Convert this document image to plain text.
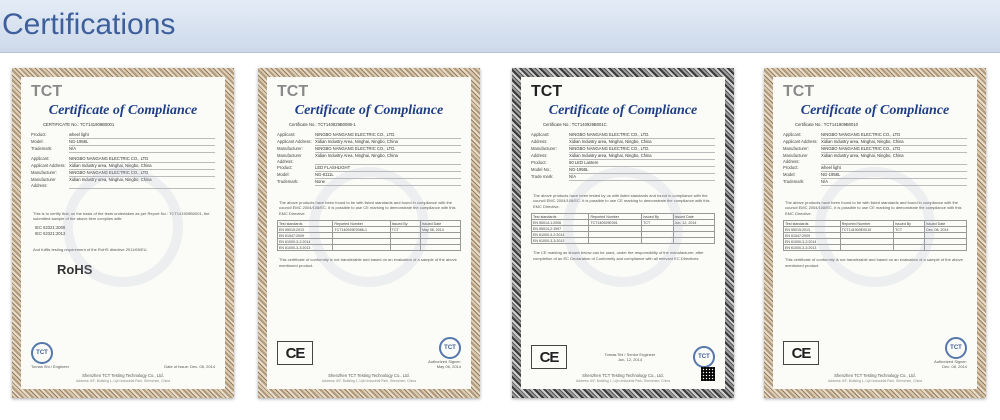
Certifications
TCT
Certificate of Compliance
CERTIFICATE No.: TCT141909B0001
Product:	wheel light
Model:	NG-1958L
Trademark:	N/A
Applicant:	NINGBO NANGANG ELECTRIC CO., LTD
Applicant Address: Xidian Industry area, Ninghai, Ningbo, China
Manufacturer:	NINGBO NANGANG ELECTRIC CO., LTD
Manufacturer Address:
Xidian Industry area, Ninghai, Ningbo, China
This is to certify that, on the basis of the tests undertaken as per Report No.: TCT141909B0001, the submitted sample of the above item complies with:
IEC 62321:2008
IEC 62321:2013
And fulfils testing requirement of the RoHS directive 2011/65/EU
RoHS
TCT
Tomas Shi / Engineer	Date of Issue: Dec. 08, 2014
Shenzhen TCT Testing Technology Co., Ltd.
Address: 6/F, Building 1, Lijin Industrial Park, Shenzhen, China
TCT
Certificate of Compliance
Certificate No.: TCT140929B0086-1
Applicant:	NINGBO NANGANG ELECTRIC CO., LTD.
Applicant Address: Xidian Industry Area, Ninghai, Ningbo, China
Manufacturer:	NINGBO NANGANG ELECTRIC CO., LTD.
Manufacturer Address:
Xidian Industry Area, Ninghai, Ningbo, China
Product:	LED FLASHLIGHT
Model:	NG-8111L
Trademark:	None
The above products have been found to be with listed standards and found in compliance with the council EMC 2004/108/EC. It is possible to use CE marking to demonstrate the compliance with this EMC Directive.
Test standards	Reported Number	Issued By	Issued Date
EN 55015:2013	TCT140929E0086-1	TCT	May 06, 2014
EN 61547:2009			
EN 61000-3-2:2014			
EN 61000-3-3:2013			
This certificate of conformity is not transferable and based on an evaluation of a sample of the above mentioned product.
CE	TCT
Authorized Signer:
May 06, 2014
Shenzhen TCT Testing Technology Co., Ltd.
Address: 6/F, Building 1, Lijin Industrial Park, Shenzhen, China
TCT
Certificate of Compliance
Certificate No.: TCT140929B001C
Applicant:	NINGBO NANGANG ELECTRIC CO., LTD.
Address:	Xidian Industry area, Ninghai, Ningbo, China
Manufacturer:	NINGBO NANGANG ELECTRIC CO., LTD.
Address:	Xidian Industry area, Ninghai, Ningbo, China
Product:	50 LED Lantern
Model No.:	NG-1958L
Trade mark:	N/A
The above products have been tested by us with listed standards and found in compliance with the council EMC 2004/108/EC. It is possible to use CE marking to demonstrate the compliance with this EMC Directive.
Test standards	Reported Number	Issued By	Issued Date
EN 55014-1:2006	TCT140929E001	TCT	Jun. 12, 2014
EN 55014-2:1997			
EN 61000-3-2:2014			
EN 61000-3-3:2013			
The CE marking as shown below can be used, under the responsibility of the manufacturer, after completion of an EC Declaration of Conformity and compliance with all relevant EC Directives.
CE	Tomas Shi / Senior Engineer
Jun. 12, 2014	TCT
Shenzhen TCT Testing Technology Co., Ltd.
Address: 6/F, Building 1, Lijin Industrial Park, Shenzhen, China
TCT
Certificate of Compliance
Certificate No.: TCT141909B0010
Applicant:	NINGBO NANGANG ELECTRIC CO., LTD
Applicant Address: Xidian Industry area, Ninghai, Ningbo, China
Manufacturer:	NINGBO NANGANG ELECTRIC CO., LTD
Manufacturer Address:
Xidian Industry area, Ninghai, Ningbo, China
Product:	wheel light
Model:	NG-1958L
Trademark:	N/A
The above products have been found to be with listed standards and found in compliance with the council EMC 2004/108/EC. It is possible to use CE marking to demonstrate the compliance with this EMC Directive.
Test standards	Reported Number	Issued By	Issued Date
EN 55015:2013	TCT141909E0010	TCT	Dec. 08, 2014
EN 61547:2009			
EN 61000-3-2:2014			
EN 61000-3-3:2013			
This certificate of conformity is not transferable and based on an evaluation of a sample of the above mentioned product.
CE	TCT
Authorized Signer:
Dec. 08, 2014
Shenzhen TCT Testing Technology Co., Ltd.
Address: 6/F, Building 1, Lijin Industrial Park, Shenzhen, China
